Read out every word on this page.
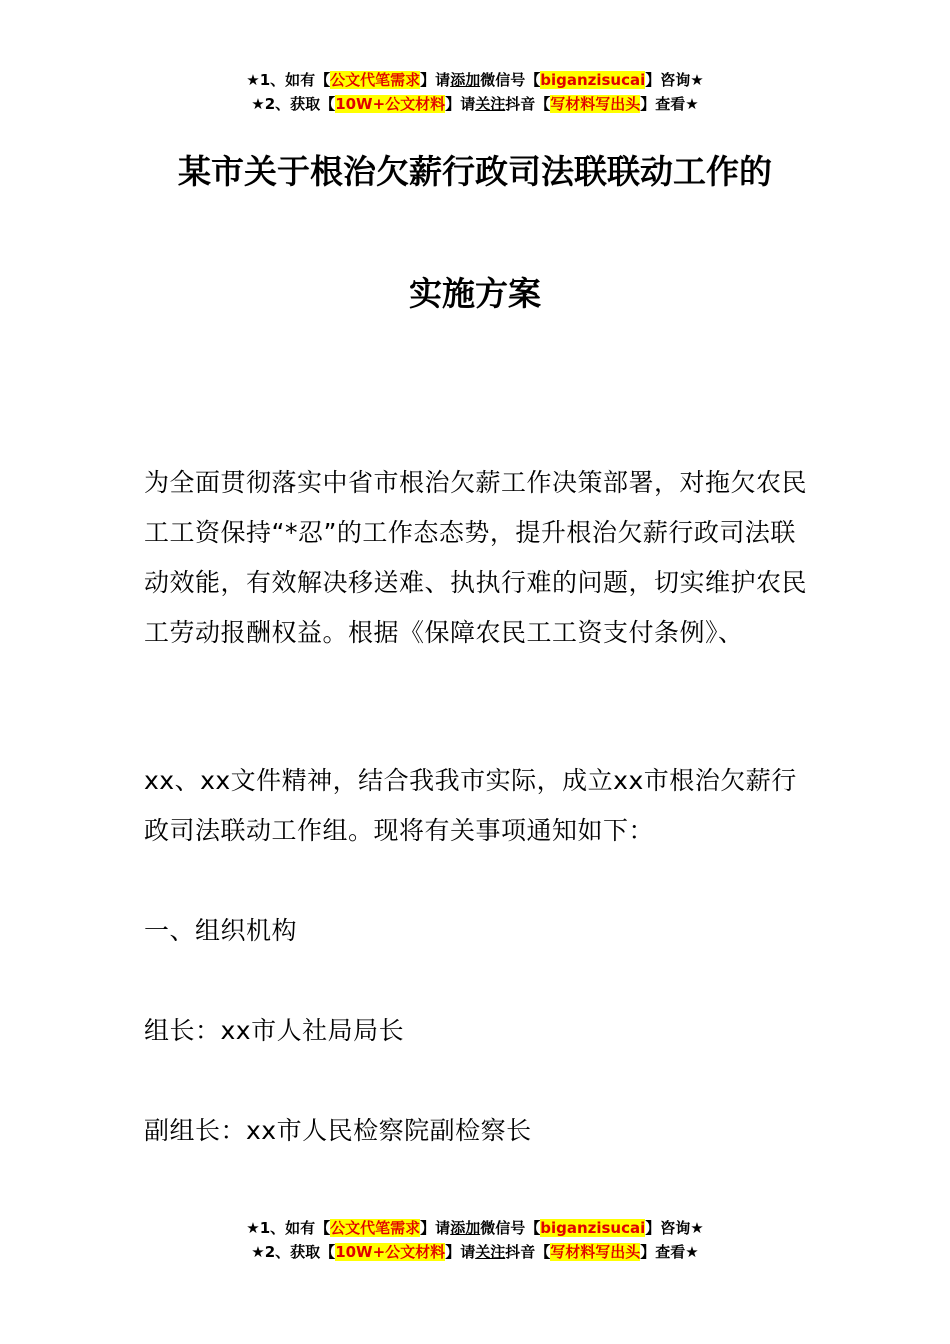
★1、如有【公文代笔需求】请添加微信号【biganzisucai】咨询★
★2、获取【10W+公文材料】请关注抖音【写材料写出头】查看★
某市关于根治欠薪行政司法联联动工作的
实施方案

为全面贯彻落实中省市根治欠薪工作决策部署，对拖欠农民工工资保持“*忍”的工作态态势，提升根治欠薪行政司法联动效能，有效解决移送难、执执行难的问题，切实维护农民工劳动报酬权益。根据《保障农民工工资支付条例》、

xx、xx文件精神，结合我我市实际，成立xx市根治欠薪行政司法联动工作组。现将有关事项通知如下：

一、组织机构

组长：xx市人社局局长

副组长：xx市人民检察院副检察长

★1、如有【公文代笔需求】请添加微信号【biganzisucai】咨询★
★2、获取【10W+公文材料】请关注抖音【写材料写出头】查看★
